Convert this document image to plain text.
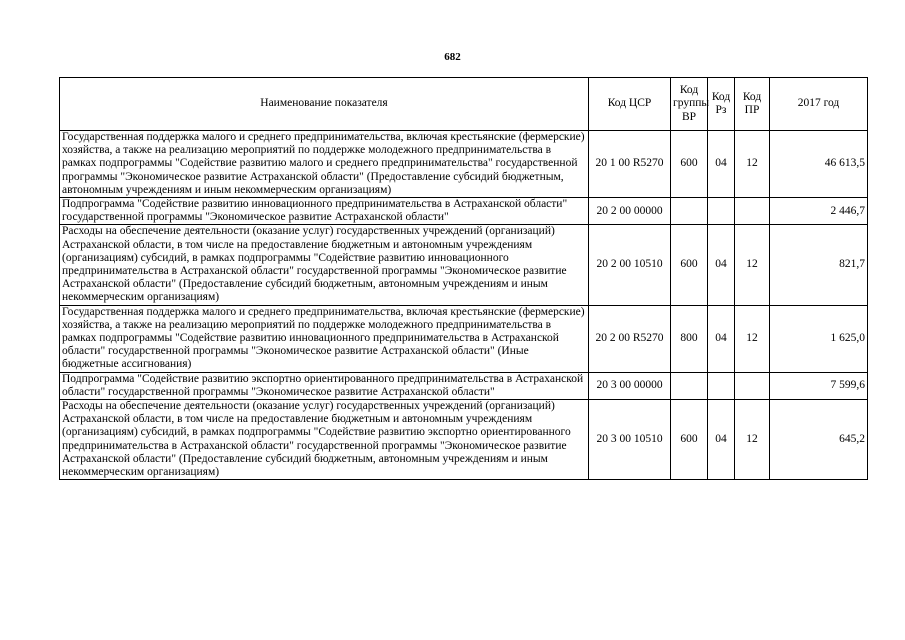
682
Наименование показателя	Код ЦСР	Код группы ВР	Код Рз	Код ПР	2017 год
Государственная поддержка малого и среднего предпринимательства, включая крестьянские (фермерские) хозяйства, а также на реализацию мероприятий по поддержке молодежного предпринимательства в рамках подпрограммы "Содействие развитию малого и среднего предпринимательства" государственной программы "Экономическое развитие Астраханской области" (Предоставление субсидий бюджетным, автономным учреждениям и иным некоммерческим организациям)	20 1 00 R5270	600	04	12	46 613,5
Подпрограмма "Содействие развитию инновационного предпринимательства в Астраханской области" государственной программы "Экономическое развитие Астраханской области"	20 2 00 00000				2 446,7
Расходы на обеспечение деятельности (оказание услуг) государственных учреждений (организаций) Астраханской области, в том числе на предоставление бюджетным и автономным учреждениям (организациям) субсидий, в рамках подпрограммы "Содействие развитию инновационного предпринимательства в Астраханской области" государственной программы "Экономическое развитие Астраханской области" (Предоставление субсидий бюджетным, автономным учреждениям и иным некоммерческим организациям)	20 2 00 10510	600	04	12	821,7
Государственная поддержка малого и среднего предпринимательства, включая крестьянские (фермерские) хозяйства, а также на реализацию мероприятий по поддержке молодежного предпринимательства в рамках подпрограммы "Содействие развитию инновационного предпринимательства в Астраханской области" государственной программы "Экономическое развитие Астраханской области" (Иные бюджетные ассигнования)	20 2 00 R5270	800	04	12	1 625,0
Подпрограмма "Содействие развитию экспортно ориентированного предпринимательства в Астраханской области" государственной программы "Экономическое развитие Астраханской области"	20 3 00 00000				7 599,6
Расходы на обеспечение деятельности (оказание услуг) государственных учреждений (организаций) Астраханской области, в том числе на предоставление бюджетным и автономным учреждениям (организациям) субсидий, в рамках подпрограммы "Содействие развитию экспортно ориентированного предпринимательства в Астраханской области" государственной программы "Экономическое развитие Астраханской области" (Предоставление субсидий бюджетным, автономным учреждениям и иным некоммерческим организациям)	20 3 00 10510	600	04	12	645,2
